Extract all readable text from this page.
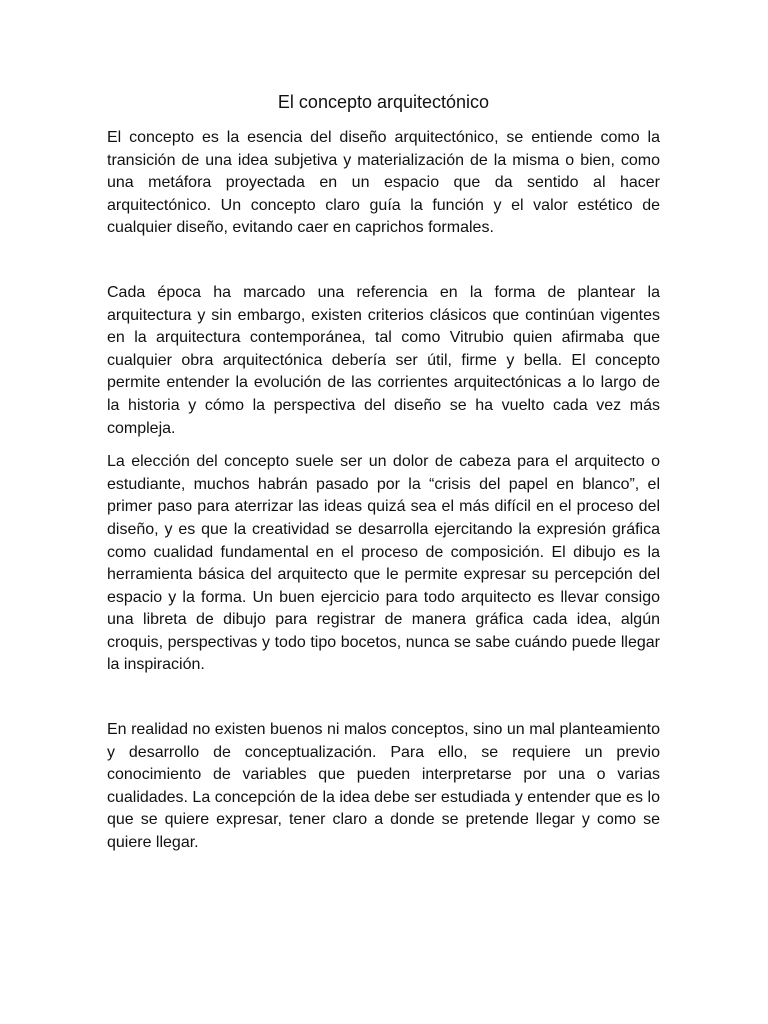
El concepto arquitectónico

El concepto es la esencia del diseño arquitectónico, se entiende como la transición de una idea subjetiva y materialización de la misma o bien, como una metáfora proyectada en un espacio que da sentido al hacer arquitectónico. Un concepto claro guía la función y el valor estético de cualquier diseño, evitando caer en caprichos formales.

Cada época ha marcado una referencia en la forma de plantear la arquitectura y sin embargo, existen criterios clásicos que continúan vigentes en la arquitectura contemporánea, tal como Vitrubio quien afirmaba que cualquier obra arquitectónica debería ser útil, firme y bella. El concepto permite entender la evolución de las corrientes arquitectónicas a lo largo de la historia y cómo la perspectiva del diseño se ha vuelto cada vez más compleja.

La elección del concepto suele ser un dolor de cabeza para el arquitecto o estudiante, muchos habrán pasado por la “crisis del papel en blanco”, el primer paso para aterrizar las ideas quizá sea el más difícil en el proceso del diseño, y es que la creatividad se desarrolla ejercitando la expresión gráfica como cualidad fundamental en el proceso de composición. El dibujo es la herramienta básica del arquitecto que le permite expresar su percepción del espacio y la forma. Un buen ejercicio para todo arquitecto es llevar consigo una libreta de dibujo para registrar de manera gráfica cada idea, algún croquis, perspectivas y todo tipo bocetos, nunca se sabe cuándo puede llegar la inspiración.

En realidad no existen buenos ni malos conceptos, sino un mal planteamiento y desarrollo de conceptualización. Para ello, se requiere un previo conocimiento de variables que pueden interpretarse por una o varias cualidades. La concepción de la idea debe ser estudiada y entender que es lo que se quiere expresar, tener claro a donde se pretende llegar y como se quiere llegar.
